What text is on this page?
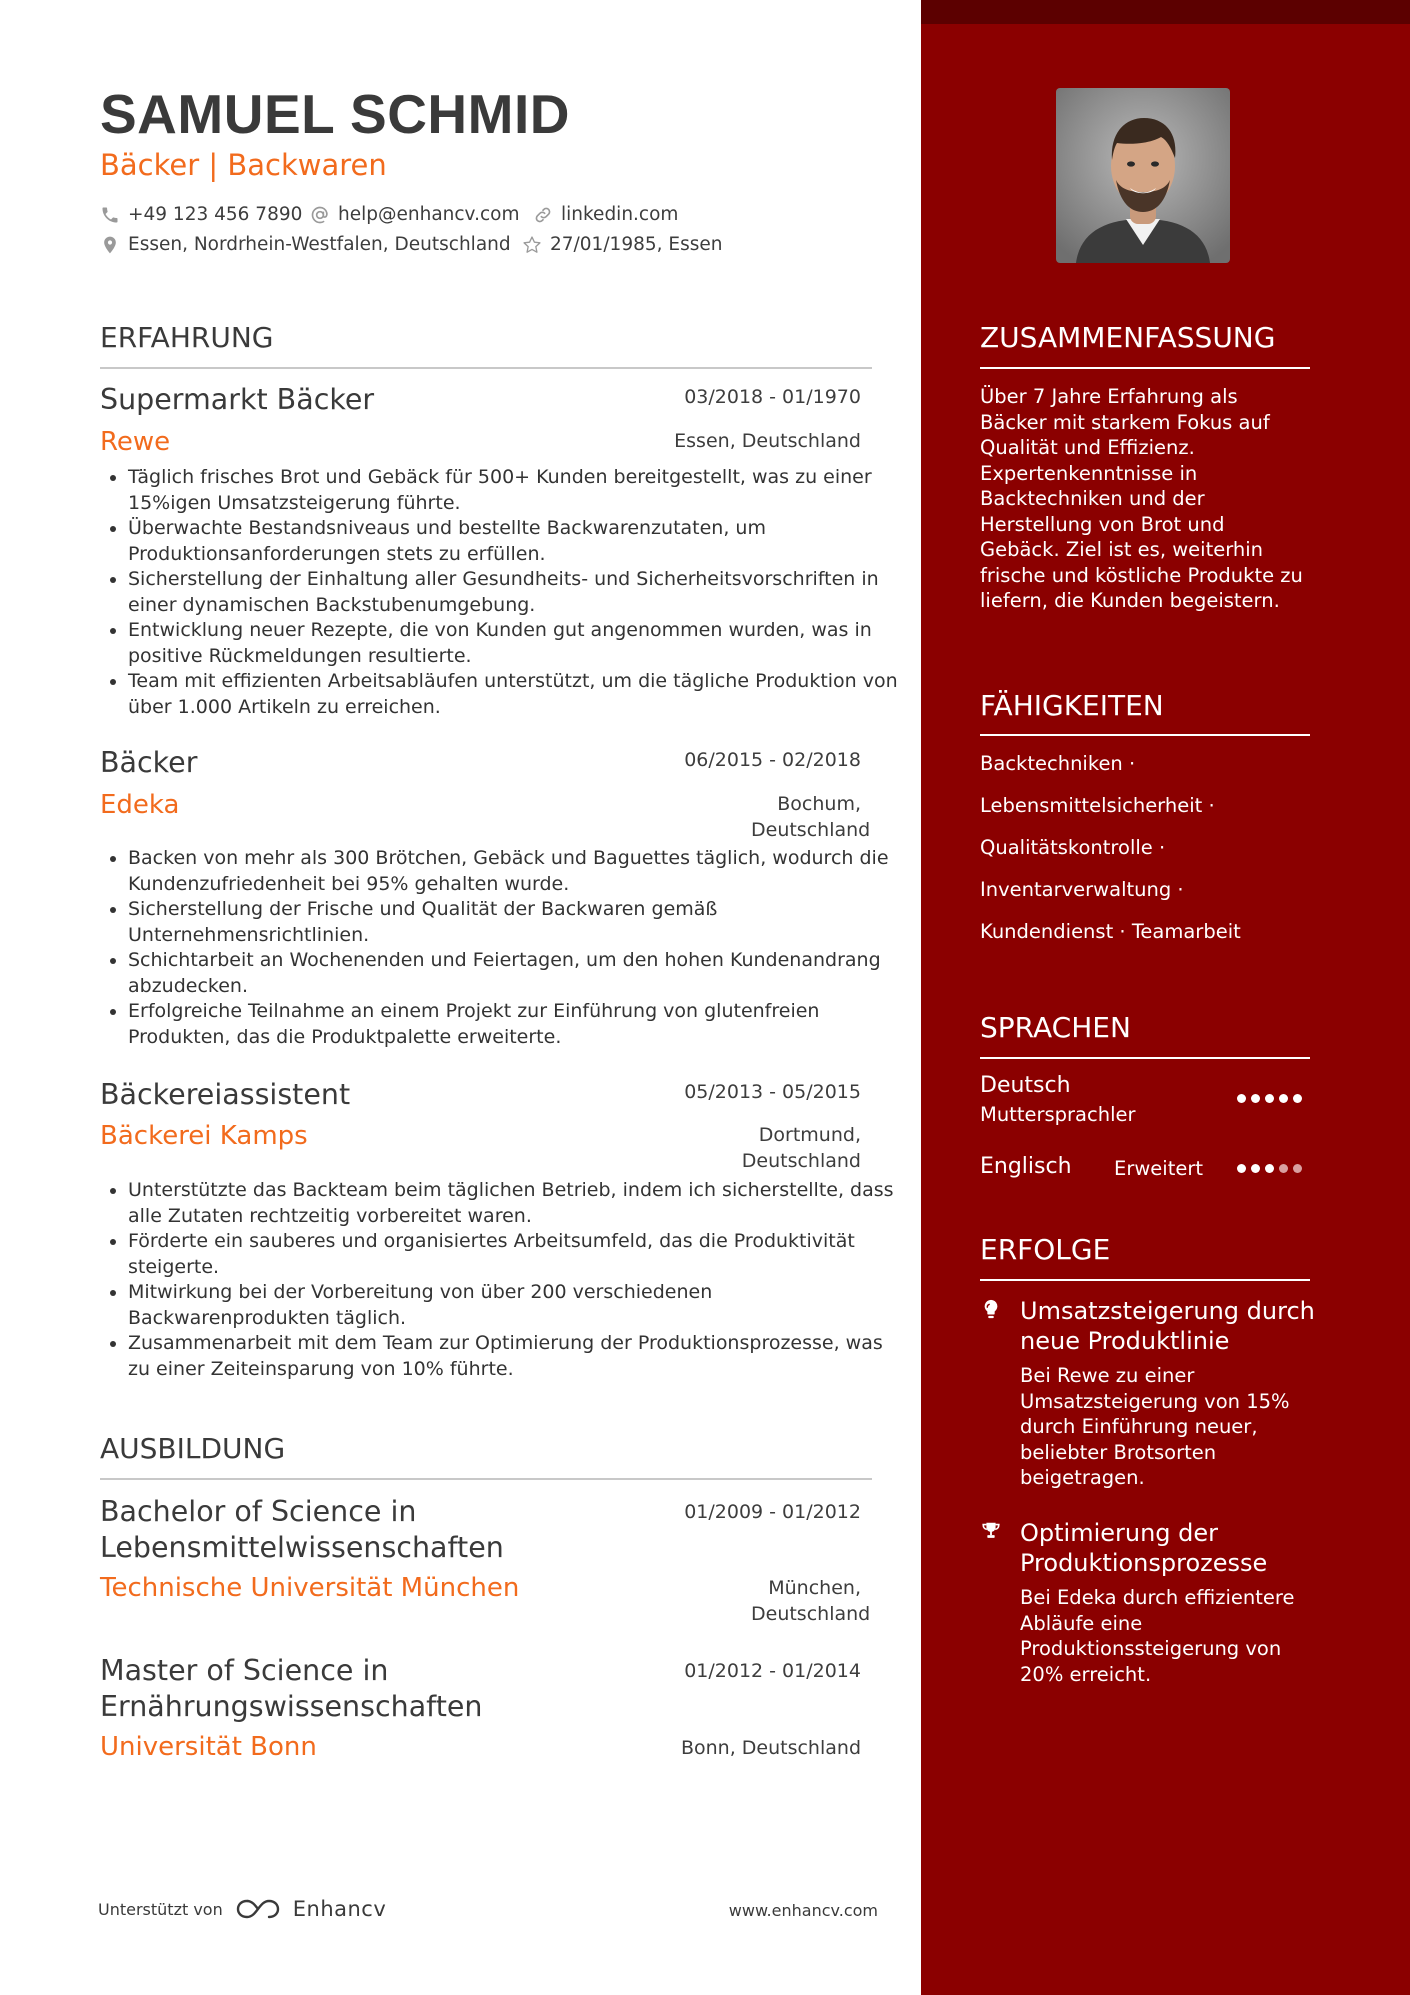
SAMUEL SCHMID
Bäcker | Backwaren
+49 123 456 7890 help@enhancv.com linkedin.com
Essen, Nordrhein-Westfalen, Deutschland 27/01/1985, Essen
ERFAHRUNG
Supermarkt Bäcker	03/2018 - 01/1970
Rewe	Essen, Deutschland
• Täglich frisches Brot und Gebäck für 500+ Kunden bereitgestellt, was zu einer 15%igen Umsatzsteigerung führte.
• Überwachte Bestandsniveaus und bestellte Backwarenzutaten, um Produktionsanforderungen stets zu erfüllen.
• Sicherstellung der Einhaltung aller Gesundheits- und Sicherheitsvorschriften in einer dynamischen Backstubenumgebung.
• Entwicklung neuer Rezepte, die von Kunden gut angenommen wurden, was in positive Rückmeldungen resultierte.
• Team mit effizienten Arbeitsabläufen unterstützt, um die tägliche Produktion von über 1.000 Artikeln zu erreichen.
Bäcker	06/2015 - 02/2018
Edeka	Bochum, Deutschland
• Backen von mehr als 300 Brötchen, Gebäck und Baguettes täglich, wodurch die Kundenzufriedenheit bei 95% gehalten wurde.
• Sicherstellung der Frische und Qualität der Backwaren gemäß Unternehmensrichtlinien.
• Schichtarbeit an Wochenenden und Feiertagen, um den hohen Kundenandrang abzudecken.
• Erfolgreiche Teilnahme an einem Projekt zur Einführung von glutenfreien Produkten, das die Produktpalette erweiterte.
Bäckereiassistent	05/2013 - 05/2015
Bäckerei Kamps	Dortmund, Deutschland
• Unterstützte das Backteam beim täglichen Betrieb, indem ich sicherstellte, dass alle Zutaten rechtzeitig vorbereitet waren.
• Förderte ein sauberes und organisiertes Arbeitsumfeld, das die Produktivität steigerte.
• Mitwirkung bei der Vorbereitung von über 200 verschiedenen Backwarenprodukten täglich.
• Zusammenarbeit mit dem Team zur Optimierung der Produktionsprozesse, was zu einer Zeiteinsparung von 10% führte.
AUSBILDUNG
Bachelor of Science in Lebensmittelwissenschaften
01/2009 - 01/2012
Technische Universität München	München, Deutschland
Master of Science in Ernährungswissenschaften
01/2012 - 01/2014
Universität Bonn	Bonn, Deutschland
Unterstützt von	Enhancv	www.enhancv.com
ZUSAMMENFASSUNG

Über 7 Jahre Erfahrung als Bäcker mit starkem Fokus auf Qualität und Effizienz. Expertenkenntnisse in Backtechniken und der Herstellung von Brot und Gebäck. Ziel ist es, weiterhin frische und köstliche Produkte zu liefern, die Kunden begeistern.

FÄHIGKEITEN
Backtechniken ·
Lebensmittelsicherheit ·
Qualitätskontrolle ·
Inventarverwaltung ·
Kundendienst · Teamarbeit
SPRACHEN
Deutsch
Muttersprachler
Englisch Erweitert
ERFOLGE
Umsatzsteigerung durch neue Produktlinie
Bei Rewe zu einer Umsatzsteigerung von 15% durch Einführung neuer, beliebter Brotsorten beigetragen.
Optimierung der Produktionsprozesse
Bei Edeka durch effizientere Abläufe eine Produktionssteigerung von 20% erreicht.
